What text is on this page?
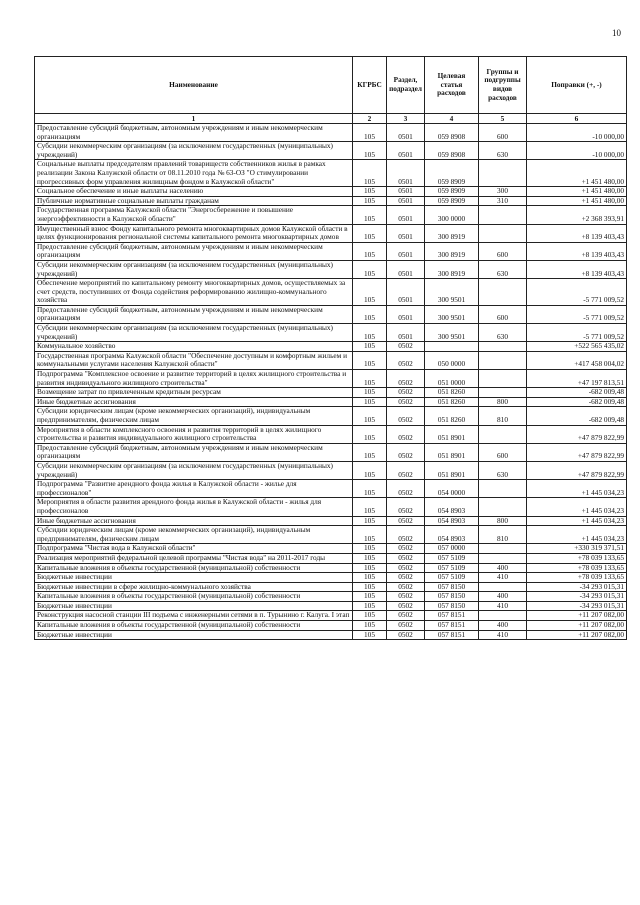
10
Наименование	КГРБС	Раздел, подраздел	Целевая статья расходов	Группы и подгруппы видов расходов	Поправки (+, -)
1	2	3	4	5	6
Предоставление субсидий бюджетным, автономным учреждениям и иным некоммерческим организациям	105	0501	059 8908	600	-10 000,00
Субсидии некоммерческим организациям (за исключением государственных (муниципальных) учреждений)	105	0501	059 8908	630	-10 000,00
Социальные выплаты председателям правлений товариществ собственников жилья в рамках реализации Закона Калужской области от 08.11.2010 года № 63-ОЗ "О стимулировании прогрессивных форм управления жилищным фондом в Калужской области"	105	0501	059 8909		+1 451 480,00
Социальное обеспечение и иные выплаты населению	105	0501	059 8909	300	+1 451 480,00
Публичные нормативные социальные выплаты гражданам	105	0501	059 8909	310	+1 451 480,00
Государственная программа Калужской области "Энергосбережение и повышение энергоэффективности в Калужской области"	105	0501	300 0000		+2 368 393,91
Имущественный взнос Фонду капитального ремонта многоквартирных домов Калужской области в целях функционирования региональной системы капитального ремонта многоквартирных домов	105	0501	300 8919		+8 139 403,43
Предоставление субсидий бюджетным, автономным учреждениям и иным некоммерческим организациям	105	0501	300 8919	600	+8 139 403,43
Субсидии некоммерческим организациям (за исключением государственных (муниципальных) учреждений)	105	0501	300 8919	630	+8 139 403,43
Обеспечение мероприятий по капитальному ремонту многоквартирных домов, осуществляемых за счет средств, поступивших от Фонда содействия реформированию жилищно-коммунального хозяйства	105	0501	300 9501		-5 771 009,52
Предоставление субсидий бюджетным, автономным учреждениям и иным некоммерческим организациям	105	0501	300 9501	600	-5 771 009,52
Субсидии некоммерческим организациям (за исключением государственных (муниципальных) учреждений)	105	0501	300 9501	630	-5 771 009,52
Коммунальное хозяйство	105	0502			+522 565 435,02
Государственная программа Калужской области "Обеспечение доступным и комфортным жильем и коммунальными услугами населения Калужской области"	105	0502	050 0000		+417 458 004,02
Подпрограмма "Комплексное освоение и развитие территорий в целях жилищного строительства и развития индивидуального жилищного строительства"	105	0502	051 0000		+47 197 813,51
Возмещение затрат по привлеченным кредитным ресурсам	105	0502	051 8260		-682 009,48
Иные бюджетные ассигнования	105	0502	051 8260	800	-682 009,48
Субсидии юридическим лицам (кроме некоммерческих организаций), индивидуальным предпринимателям, физическим лицам	105	0502	051 8260	810	-682 009,48
Мероприятия в области комплексного освоения и развития территорий в целях жилищного строительства и развития индивидуального жилищного строительства	105	0502	051 8901		+47 879 822,99
Предоставление субсидий бюджетным, автономным учреждениям и иным некоммерческим организациям	105	0502	051 8901	600	+47 879 822,99
Субсидии некоммерческим организациям (за исключением государственных (муниципальных) учреждений)	105	0502	051 8901	630	+47 879 822,99
Подпрограмма "Развитие арендного фонда жилья в Калужской области - жилье для профессионалов"	105	0502	054 0000		+1 445 034,23
Мероприятия в области развития арендного фонда жилья в Калужской области - жилья для профессионалов	105	0502	054 8903		+1 445 034,23
Иные бюджетные ассигнования	105	0502	054 8903	800	+1 445 034,23
Субсидии юридическим лицам (кроме некоммерческих организаций), индивидуальным предпринимателям, физическим лицам	105	0502	054 8903	810	+1 445 034,23
Подпрограмма "Чистая вода в Калужской области"	105	0502	057 0000		+330 319 371,51
Реализация мероприятий федеральной целевой программы "Чистая вода" на 2011-2017 годы	105	0502	057 5109		+78 039 133,65
Капитальные вложения в объекты государственной (муниципальной) собственности	105	0502	057 5109	400	+78 039 133,65
Бюджетные инвестиции	105	0502	057 5109	410	+78 039 133,65
Бюджетные инвестиции в сфере жилищно-коммунального хозяйства	105	0502	057 8150		-34 293 015,31
Капитальные вложения в объекты государственной (муниципальной) собственности	105	0502	057 8150	400	-34 293 015,31
Бюджетные инвестиции	105	0502	057 8150	410	-34 293 015,31
Реконструкция насосной станции III подъема с инженерными сетями в п. Турынино г. Калуга. I этап	105	0502	057 8151		+11 207 082,00
Капитальные вложения в объекты государственной (муниципальной) собственности	105	0502	057 8151	400	+11 207 082,00
Бюджетные инвестиции	105	0502	057 8151	410	+11 207 082,00
